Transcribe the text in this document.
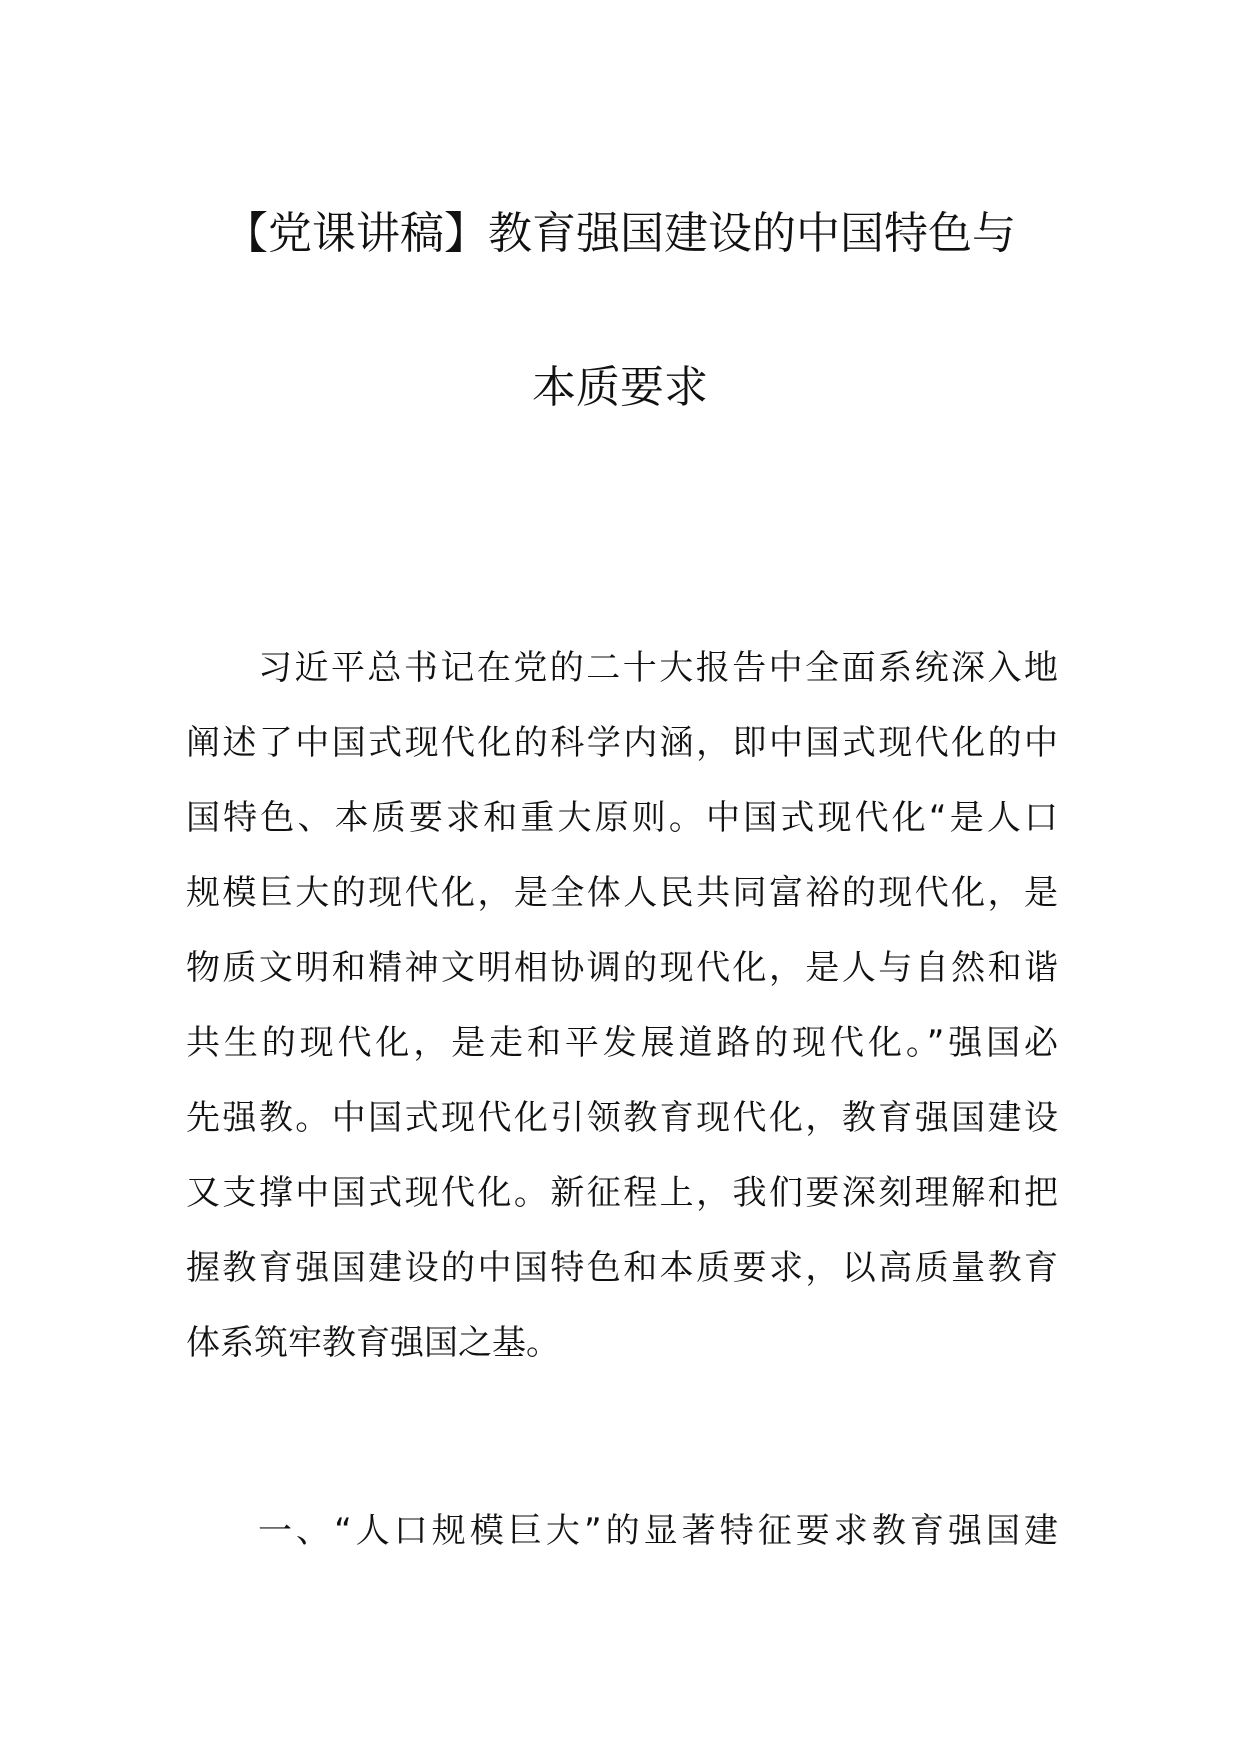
【党课讲稿】教育强国建设的中国特色与
本质要求
习近平总书记在党的二十大报告中全面系统深入地
阐述了中国式现代化的科学内涵，即中国式现代化的中
国特色、本质要求和重大原则。中国式现代化“是人口
规模巨大的现代化，是全体人民共同富裕的现代化，是
物质文明和精神文明相协调的现代化，是人与自然和谐
共生的现代化，是走和平发展道路的现代化。”强国必
先强教。中国式现代化引领教育现代化，教育强国建设
又支撑中国式现代化。新征程上，我们要深刻理解和把
握教育强国建设的中国特色和本质要求，以高质量教育
体系筑牢教育强国之基。
一、“人口规模巨大”的显著特征要求教育强国建
